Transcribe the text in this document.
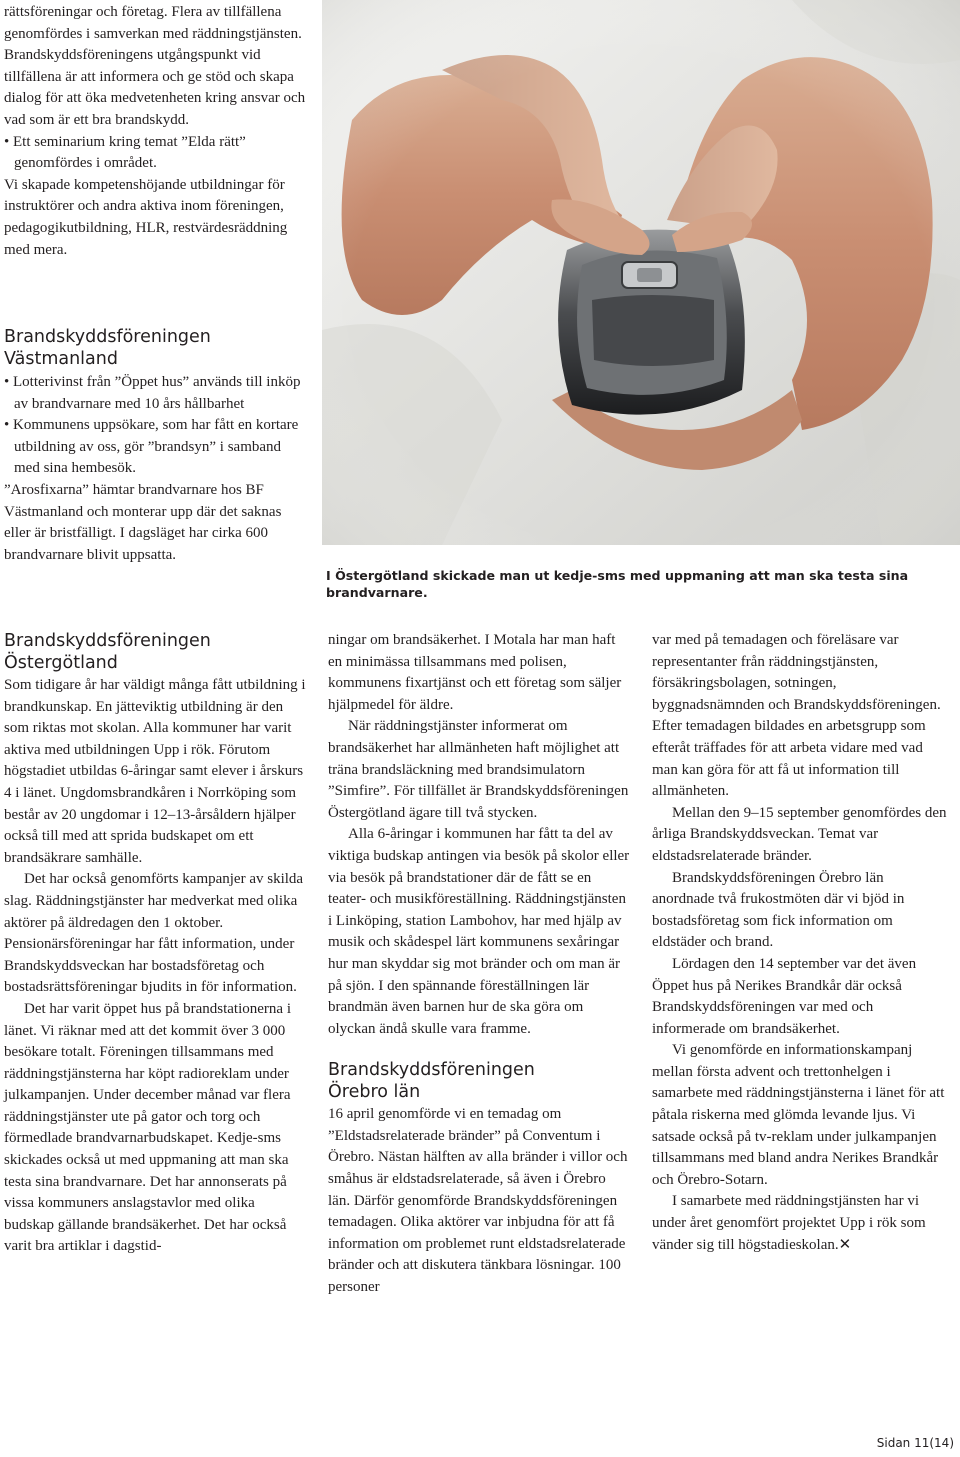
rättsföreningar och företag. Flera av tillfällena genomfördes i samverkan med räddningstjänsten. Brandskyddsföreningens utgångspunkt vid tillfällena är att informera och ge stöd och skapa dialog för att öka medvetenheten kring ansvar och vad som är ett bra brandskydd.

• Ett seminarium kring temat ”Elda rätt” genomfördes i området.

Vi skapade kompetenshöjande utbildningar för instruktörer och andra aktiva inom föreningen, pedagogikutbildning, HLR, restvärdesräddning med mera.

Brandskyddsföreningen
Västmanland

• Lotterivinst från ”Öppet hus” används till inköp av brandvarnare med 10 års hållbarhet

• Kommunens uppsökare, som har fått en kortare utbildning av oss, gör ”brandsyn” i samband med sina hembesök.

”Arosfixarna” hämtar brandvarnare hos BF Västmanland och monterar upp där det saknas eller är bristfälligt. I dagsläget har cirka 600 brandvarnare blivit uppsatta.

Brandskyddsföreningen
Östergötland

Som tidigare år har väldigt många fått utbildning i brandkunskap. En jätteviktig utbildning är den som riktas mot skolan. Alla kommuner har varit aktiva med utbildningen Upp i rök. Förutom högstadiet utbildas 6-åringar samt elever i årskurs 4 i länet. Ungdomsbrandkåren i Norrköping som består av 20 ungdomar i 12–13-årsåldern hjälper också till med att sprida budskapet om ett brandsäkrare samhälle.

Det har också genomförts kampanjer av skilda slag. Räddningstjänster har medverkat med olika aktörer på äldredagen den 1 oktober. Pensionärsföreningar har fått information, under Brandskyddsveckan har bostadsföretag och bostadsrättsföreningar bjudits in för information.

Det har varit öppet hus på brandstationerna i länet. Vi räknar med att det kommit över 3 000 besökare totalt. Föreningen tillsammans med räddningstjänsterna har köpt radioreklam under julkampanjen. Under december månad var flera räddningstjänster ute på gator och torg och förmedlade brandvarnarbudskapet. Kedje-sms skickades också ut med uppmaning att man ska testa sina brandvarnare. Det har annonserats på vissa kommuners anslagstavlor med olika budskap gällande brandsäkerhet. Det har också varit bra artiklar i dagstid-

I Östergötland skickade man ut kedje-sms med uppmaning att man ska testa sina brandvarnare.

ningar om brandsäkerhet. I Motala har man haft en minimässa tillsammans med polisen, kommunens fixartjänst och ett företag som säljer hjälpmedel för äldre.

När räddningstjänster informerat om brandsäkerhet har allmänheten haft möjlighet att träna brandsläckning med brandsimulatorn ”Simfire”. För tillfället är Brandskyddsföreningen Östergötland ägare till två stycken.

Alla 6-åringar i kommunen har fått ta del av viktiga budskap antingen via besök på skolor eller via besök på brandstationer där de fått se en teater- och musikföreställning. Räddningstjänsten i Linköping, station Lambohov, har med hjälp av musik och skådespel lärt kommunens sexåringar hur man skyddar sig mot bränder och om man är på sjön. I den spännande föreställningen lär brandmän även barnen hur de ska göra om olyckan ändå skulle vara framme.

Brandskyddsföreningen
Örebro län

16 april genomförde vi en temadag om ”Eldstadsrelaterade bränder” på Conventum i Örebro. Nästan hälften av alla bränder i villor och småhus är eldstadsrelaterade, så även i Örebro län. Därför genomförde Brandskyddsföreningen temadagen. Olika aktörer var inbjudna för att få information om problemet runt eldstadsrelaterade bränder och att diskutera tänkbara lösningar. 100 personer

var med på temadagen och föreläsare var representanter från räddningstjänsten, försäkringsbolagen, sotningen, byggnadsnämnden och Brandskyddsföreningen. Efter temadagen bildades en arbetsgrupp som efteråt träffades för att arbeta vidare med vad man kan göra för att få ut information till allmänheten.

Mellan den 9–15 september genomfördes den årliga Brandskyddsveckan. Temat var eldstadsrelaterade bränder.

Brandskyddsföreningen Örebro län anordnade två frukostmöten där vi bjöd in bostadsföretag som fick information om eldstäder och brand.

Lördagen den 14 september var det även Öppet hus på Nerikes Brandkår där också Brandskyddsföreningen var med och informerade om brandsäkerhet.

Vi genomförde en informationskampanj mellan första advent och trettonhelgen i samarbete med räddningstjänsterna i länet för att påtala riskerna med glömda levande ljus. Vi satsade också på tv-reklam under julkampanjen tillsammans med bland andra Nerikes Brandkår och Örebro-Sotarn.

I samarbete med räddningstjänsten har vi under året genomfört projektet Upp i rök som vänder sig till högstadieskolan.✕

Sidan 11(14)
